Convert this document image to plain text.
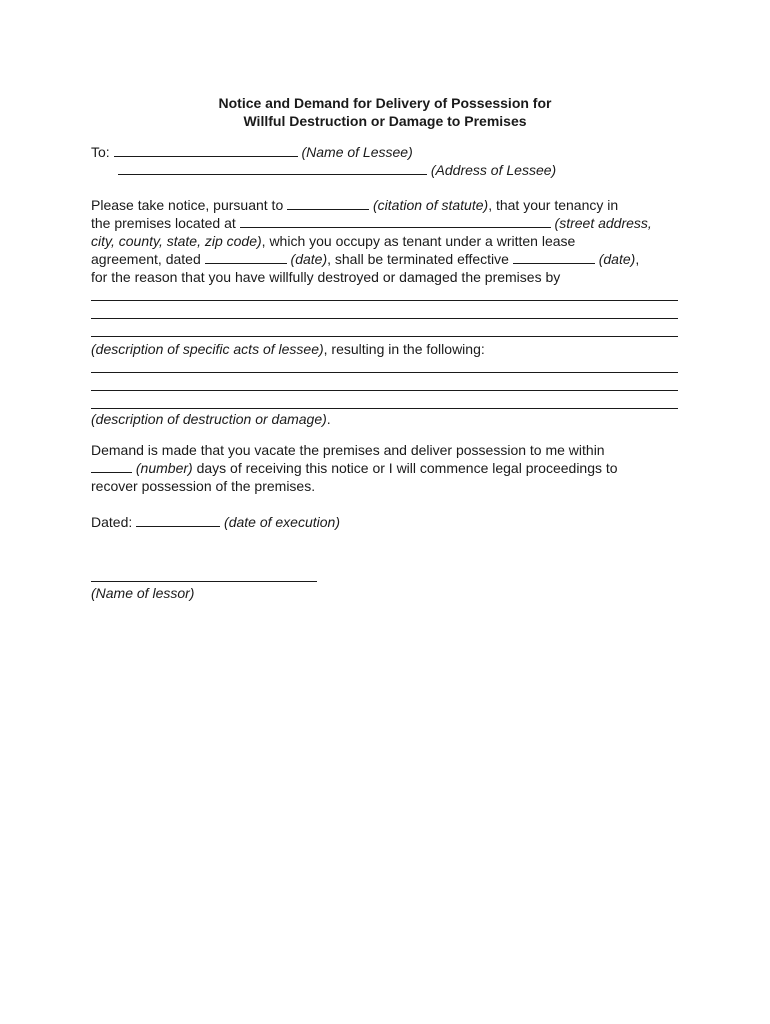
Notice and Demand for Delivery of Possession for
Willful Destruction or Damage to Premises
To:	(Name of Lessee)
(Address of Lessee)
Please take notice, pursuant to	(citation of statute), that your tenancy in
the premises located at	(street address,
city, county, state, zip code), which you occupy as tenant under a written lease
agreement, dated	(date), shall be terminated effective	(date),
for the reason that you have willfully destroyed or damaged the premises by
(description of specific acts of lessee), resulting in the following:
(description of destruction or damage).
Demand is made that you vacate the premises and deliver possession to me within
(number) days of receiving this notice or I will commence legal proceedings to
recover possession of the premises.
Dated:	(date of execution)
(Name of lessor)
